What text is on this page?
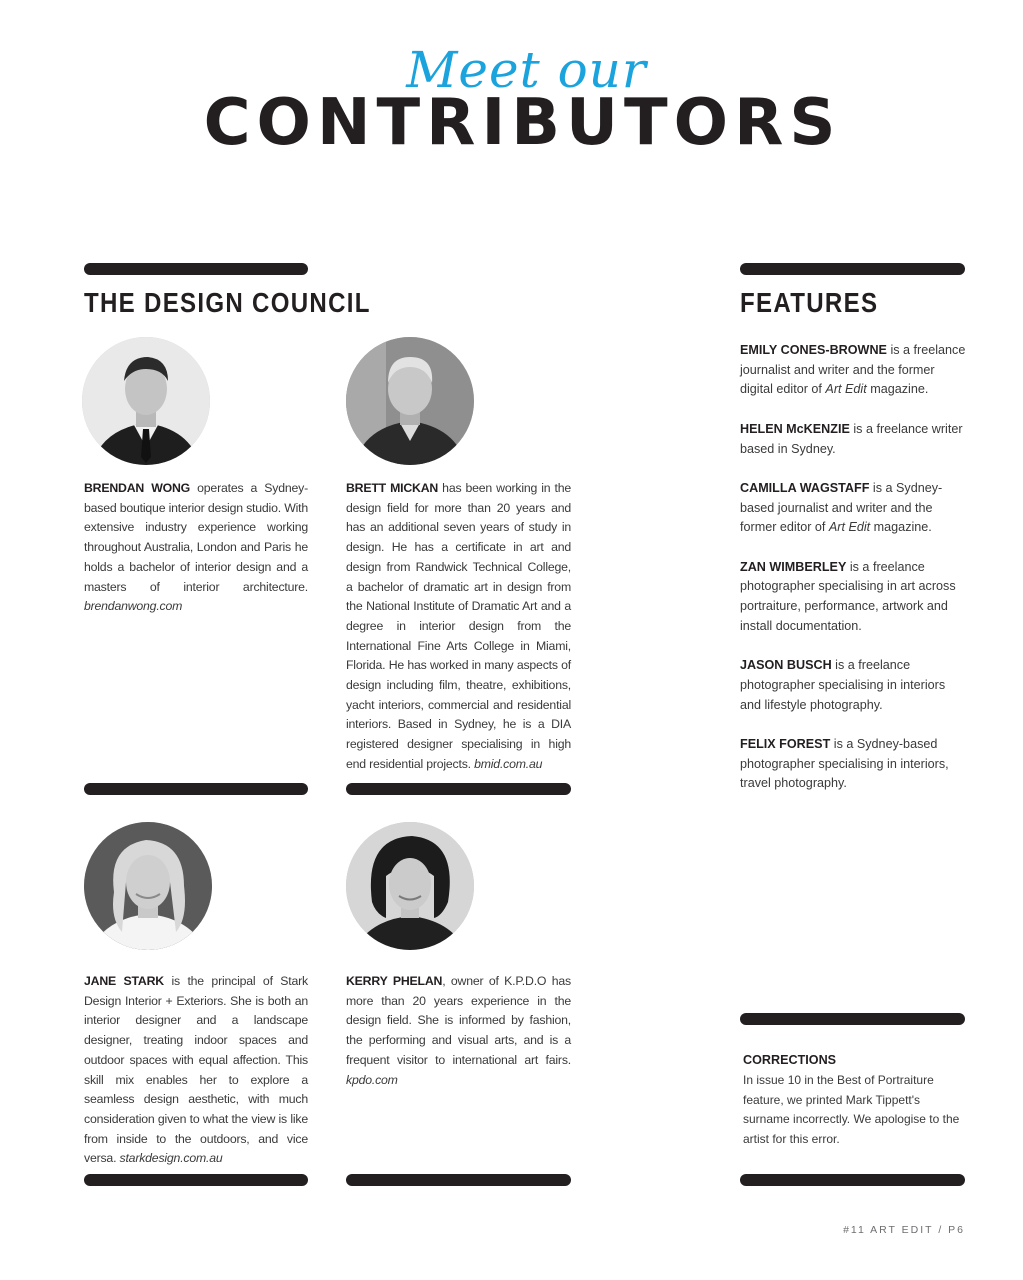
Meet our
CONTRIBUTORS
THE DESIGN COUNCIL
BRENDAN WONG operates a Sydney-based boutique interior design studio. With extensive industry experience working throughout Australia, London and Paris he holds a bachelor of interior design and a masters of interior architecture. brendanwong.com
BRETT MICKAN has been working in the design field for more than 20 years and has an additional seven years of study in design. He has a certificate in art and design from Randwick Technical College, a bachelor of dramatic art in design from the National Institute of Dramatic Art and a degree in interior design from the International Fine Arts College in Miami, Florida. He has worked in many aspects of design including film, theatre, exhibitions, yacht interiors, commercial and residential interiors. Based in Sydney, he is a DIA registered designer specialising in high end residential projects. bmid.com.au
JANE STARK is the principal of Stark Design Interior + Exteriors. She is both an interior designer and a landscape designer, treating indoor spaces and outdoor spaces with equal affection. This skill mix enables her to explore a seamless design aesthetic, with much consideration given to what the view is like from inside to the outdoors, and vice versa. starkdesign.com.au
KERRY PHELAN, owner of K.P.D.O has more than 20 years experience in the design field. She is informed by fashion, the performing and visual arts, and is a frequent visitor to international art fairs. kpdo.com
FEATURES
EMILY CONES-BROWNE is a freelance journalist and writer and the former digital editor of Art Edit magazine.
HELEN McKENZIE is a freelance writer based in Sydney.
CAMILLA WAGSTAFF is a Sydney-based journalist and writer and the former editor of Art Edit magazine.
ZAN WIMBERLEY is a freelance photographer specialising in art across portraiture, performance, artwork and install documentation.
JASON BUSCH is a freelance photographer specialising in interiors and lifestyle photography.
FELIX FOREST is a Sydney-based photographer specialising in interiors, travel photography.
CORRECTIONS
In issue 10 in the Best of Portraiture feature, we printed Mark Tippett's surname incorrectly. We apologise to the artist for this error.
#11 ART EDIT / P6
